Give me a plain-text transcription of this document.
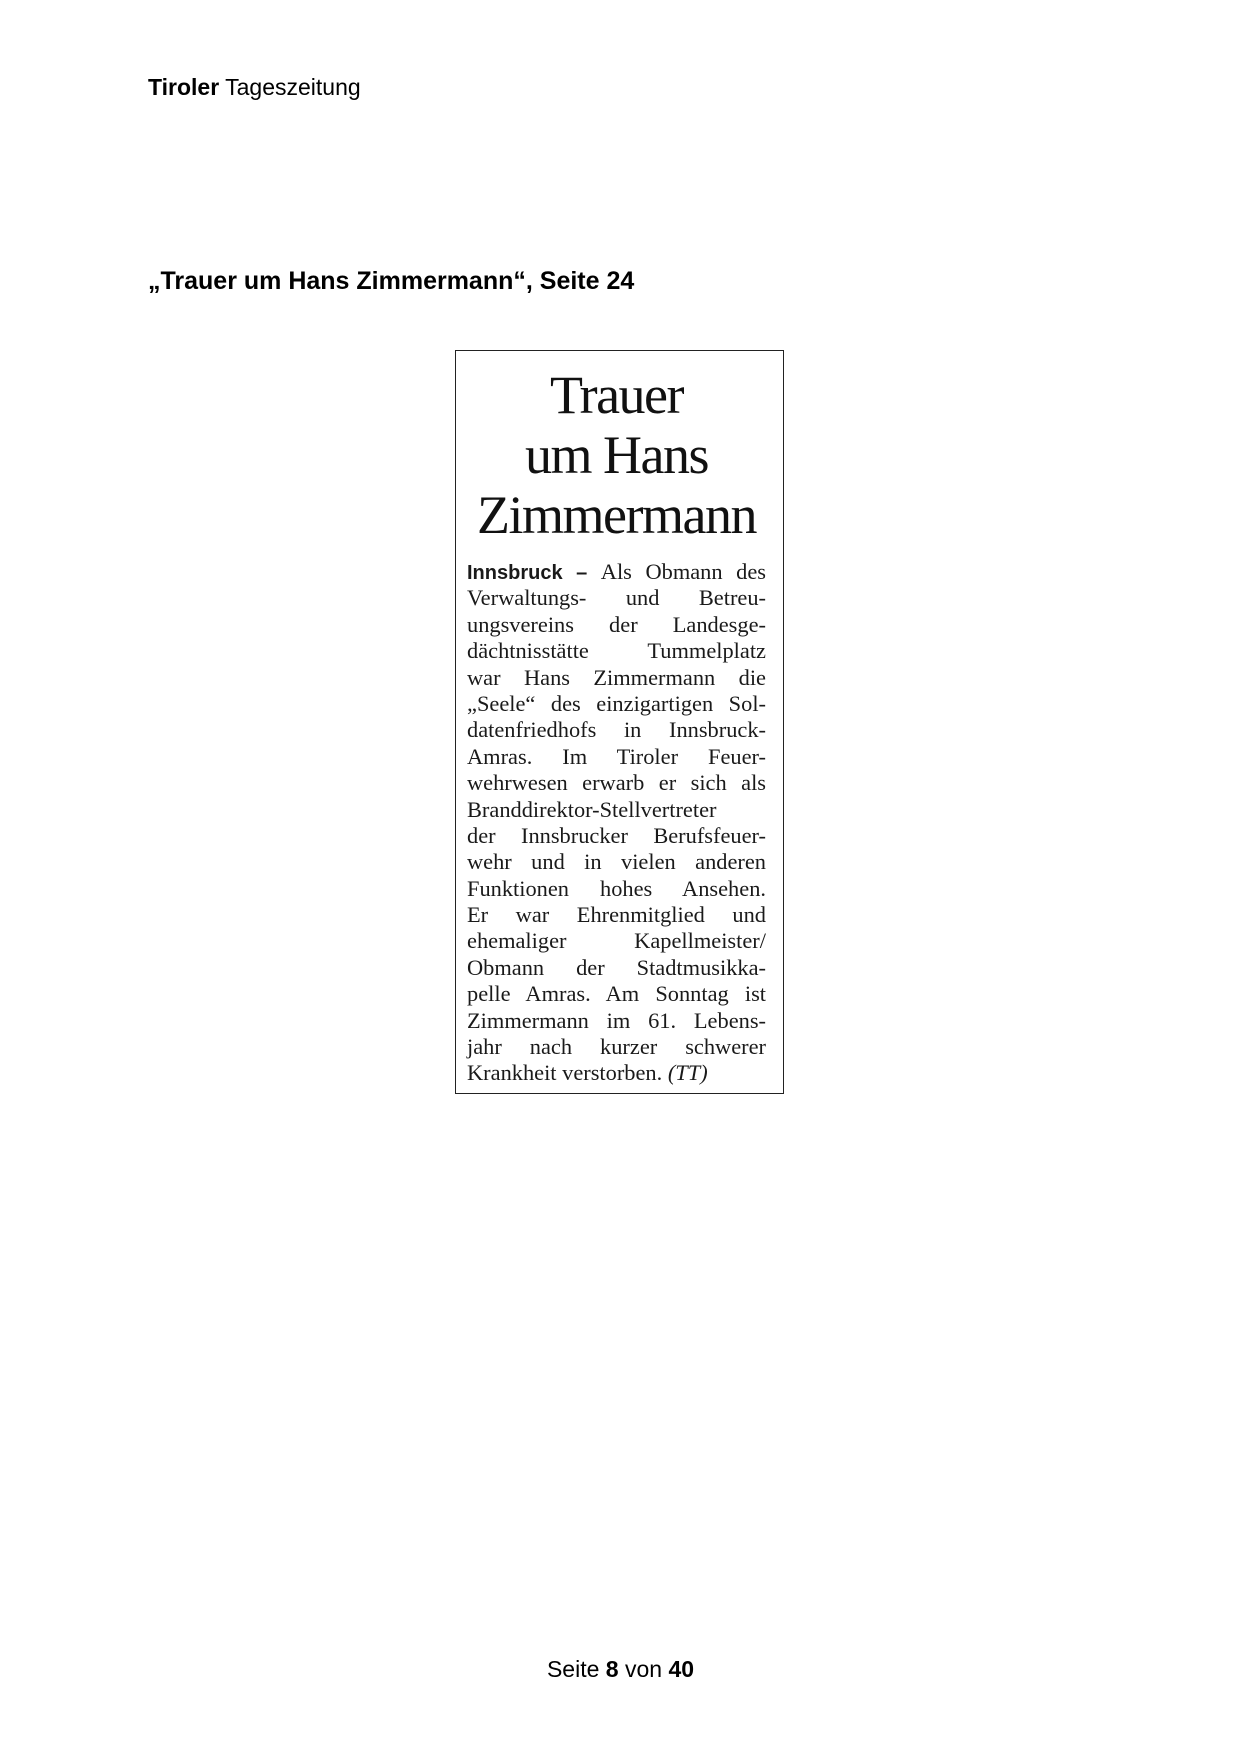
Tiroler Tageszeitung
„Trauer um Hans Zimmermann“, Seite 24
Trauer
um Hans
Zimmermann
Innsbruck – Als Obmann des
Verwaltungs- und Betreu-
ungsvereins der Landesge-
dächtnisstätte Tummelplatz
war Hans Zimmermann die
„Seele“ des einzigartigen Sol-
datenfriedhofs in Innsbruck-
Amras. Im Tiroler Feuer-
wehrwesen erwarb er sich als
Branddirektor-Stellvertreter
der Innsbrucker Berufsfeuer-
wehr und in vielen anderen
Funktionen hohes Ansehen.
Er war Ehrenmitglied und
ehemaliger Kapellmeister/
Obmann der Stadtmusikka-
pelle Amras. Am Sonntag ist
Zimmermann im 61. Lebens-
jahr nach kurzer schwerer
Krankheit verstorben. (TT)
Seite 8 von 40
